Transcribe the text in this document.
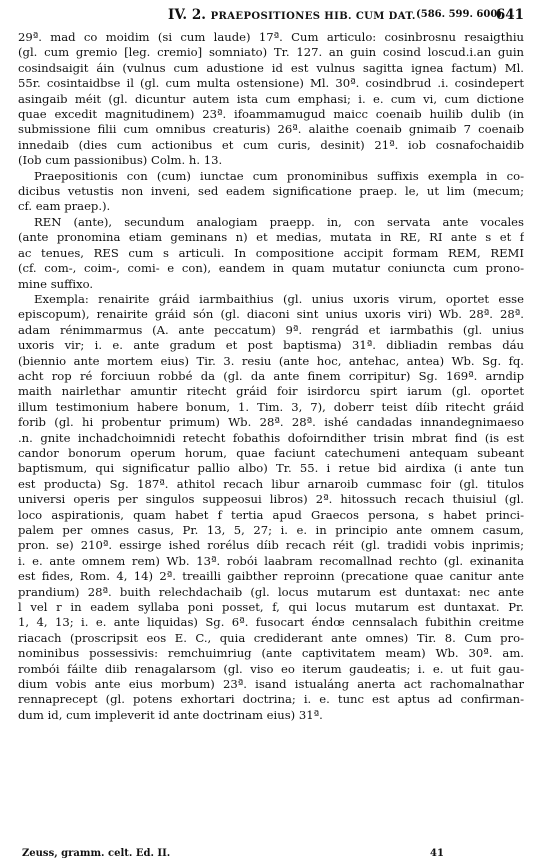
IV. 2. PRAEPOSITIONES HIB. CUM DAT. (586. 599. 600)
641
29ª. mad co moidim (si cum laude) 17ª. Cum articulo: cosinbrosnu resaigthiu
(gl. cum gremio [leg. cremio] somniato) Tr. 127. an guin cosind loscud.i.an guin
cosindsaigit áin (vulnus cum adustione id est vulnus sagitta ignea factum) Ml.
55r. cosintaidbse il (gl. cum multa ostensione) Ml. 30ª. cosindbrud .i. cosindepert
asingaib méit (gl. dicuntur autem ista cum emphasi; i. e. cum vi, cum dictione
quae excedit magnitudinem) 23ª. ifoammamugud maicc coenaib huilib dulib (in
submissione filii cum omnibus creaturis) 26ª. alaithe coenaib gnimaib 7 coenaib
innedaib (dies cum actionibus et cum curis, desinit) 21ª. iob cosnafochaidib
(Iob cum passionibus) Colm. h. 13.
Praepositionis con (cum) iunctae cum pronominibus suffixis exempla in co-
dicibus vetustis non inveni, sed eadem significatione praep. le, ut lim (mecum;
cf. eam praep.).
REN (ante), secundum analogiam praepp. in, con servata ante vocales
(ante pronomina etiam geminans n) et medias, mutata in RE, RI ante s et f
ac tenues, RES cum s articuli. In compositione accipit formam REM, REMI
(cf. com-, coim-, comi- e con), eandem in quam mutatur coniuncta cum prono-
mine suffixo.
Exempla: renairite gráid iarmbaithius (gl. unius uxoris virum, oportet esse
episcopum), renairite gráid són (gl. diaconi sint unius uxoris viri) Wb. 28ª. 28ª.
adam rénimmarmus (A. ante peccatum) 9ª. rengrád et iarmbathis (gl. unius
uxoris vir; i. e. ante gradum et post baptisma) 31ª. dibliadin rembas dáu
(biennio ante mortem eius) Tir. 3. resiu (ante hoc, antehac, antea) Wb. Sg. fq.
acht rop ré forciuun robbé da (gl. da ante finem corripitur) Sg. 169ª. arndip
maith nairlethar amuntir ritecht gráid foir isirdorcu spirt iarum (gl. oportet
illum testimonium habere bonum, 1. Tim. 3, 7), doberr teist díib ritecht gráid
forib (gl. hi probentur primum) Wb. 28ª. 28ª. ishé candadas innandegnimaeso
.n. gnite inchadchoimnidi retecht fobathis dofoirndither trisin mbrat find (is est
candor bonorum operum horum, quae faciunt catechumeni antequam subeant
baptismum, qui significatur pallio albo) Tr. 55. i retue bid airdixa (i ante tun
est producta) Sg. 187ª. athitol recach libur arnaroib cummasc foir (gl. titulos
universi operis per singulos suppeosui libros) 2ª. hitossuch recach thuisiul (gl.
loco aspirationis, quam habet f tertia apud Graecos persona, s habet princi-
palem per omnes casus, Pr. 13, 5, 27; i. e. in principio ante omnem casum,
pron. se) 210ª. essirge ished rorélus díib recach réit (gl. tradidi vobis inprimis;
i. e. ante omnem rem) Wb. 13ª. robói laabram recomallnad rechto (gl. exinanita
est fides, Rom. 4, 14) 2ª. treailli gaibther reproinn (precatione quae canitur ante
prandium) 28ª. buith relechdachaib (gl. locus mutarum est duntaxat: nec ante
l vel r in eadem syllaba poni posset, f, qui locus mutarum est duntaxat. Pr.
1, 4, 13; i. e. ante liquidas) Sg. 6ª. fusocart éndœ cennsalach fubithin creitme
riacach (proscripsit eos E. C., quia crediderant ante omnes) Tir. 8. Cum pro-
nominibus possessivis: remchuimriug (ante captivitatem meam) Wb. 30ª. am.
rombói fáilte diib renagalarsom (gl. viso eo iterum gaudeatis; i. e. ut fuit gau-
dium vobis ante eius morbum) 23ª. isand istualáng anerta act rachomalnathar
rennaprecept (gl. potens exhortari doctrina; i. e. tunc est aptus ad confirman-
dum id, cum impleverit id ante doctrinam eius) 31ª.
Zeuss, gramm. celt. Ed. II.	41
